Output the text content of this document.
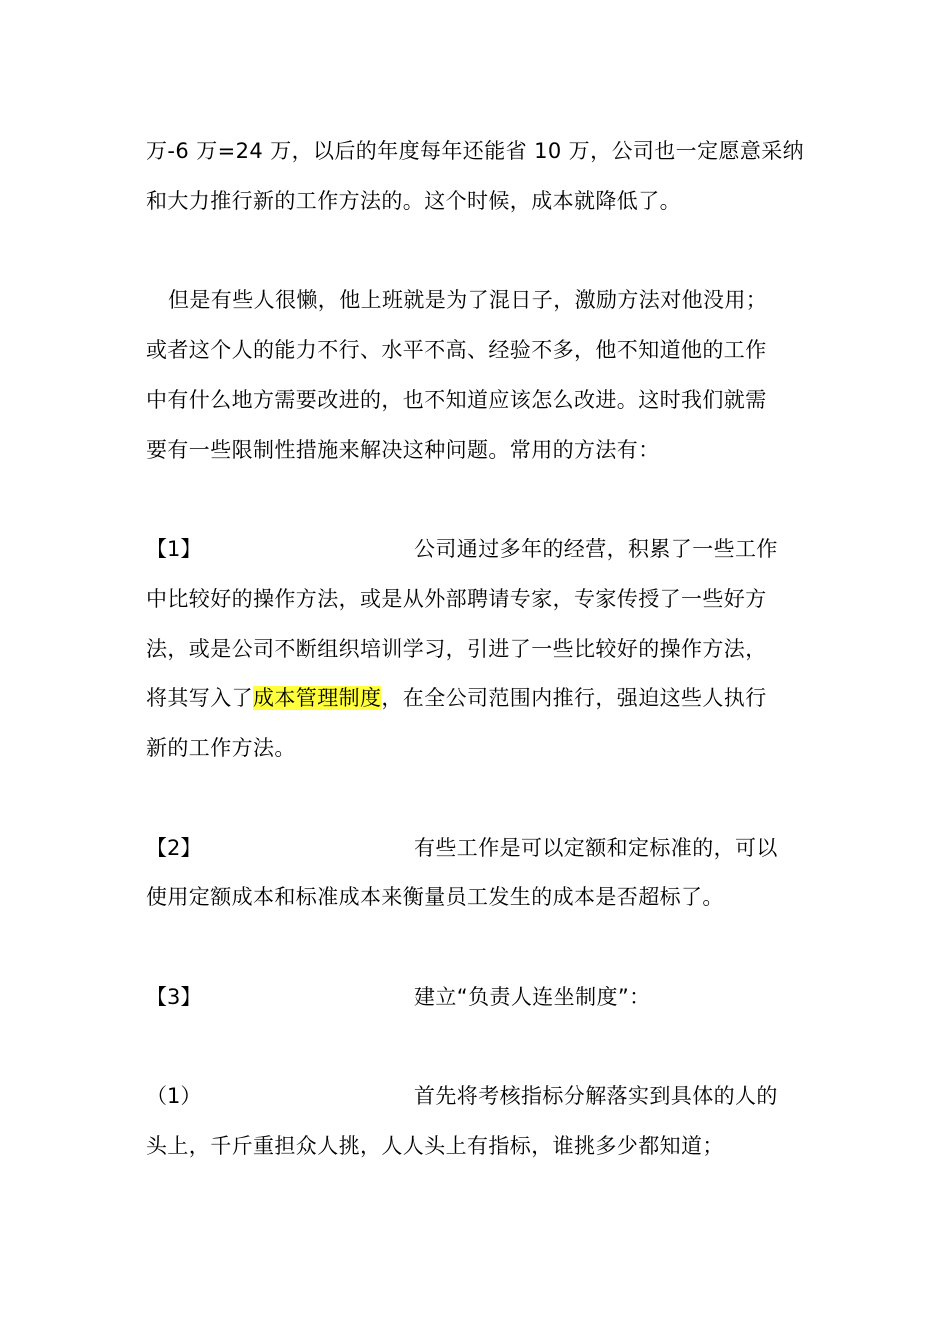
万-6 万=24 万，以后的年度每年还能省 10 万，公司也一定愿意采纳
和大力推行新的工作方法的。这个时候，成本就降低了。
但是有些人很懒，他上班就是为了混日子，激励方法对他没用；
或者这个人的能力不行、水平不高、经验不多，他不知道他的工作
中有什么地方需要改进的，也不知道应该怎么改进。这时我们就需
要有一些限制性措施来解决这种问题。常用的方法有：
【1】	公司通过多年的经营，积累了一些工作
中比较好的操作方法，或是从外部聘请专家，专家传授了一些好方
法，或是公司不断组织培训学习，引进了一些比较好的操作方法，
将其写入了成本管理制度，在全公司范围内推行，强迫这些人执行
新的工作方法。
【2】	有些工作是可以定额和定标准的，可以
使用定额成本和标准成本来衡量员工发生的成本是否超标了。
【3】	建立“负责人连坐制度”：
（1）	首先将考核指标分解落实到具体的人的
头上，千斤重担众人挑，人人头上有指标，谁挑多少都知道；
